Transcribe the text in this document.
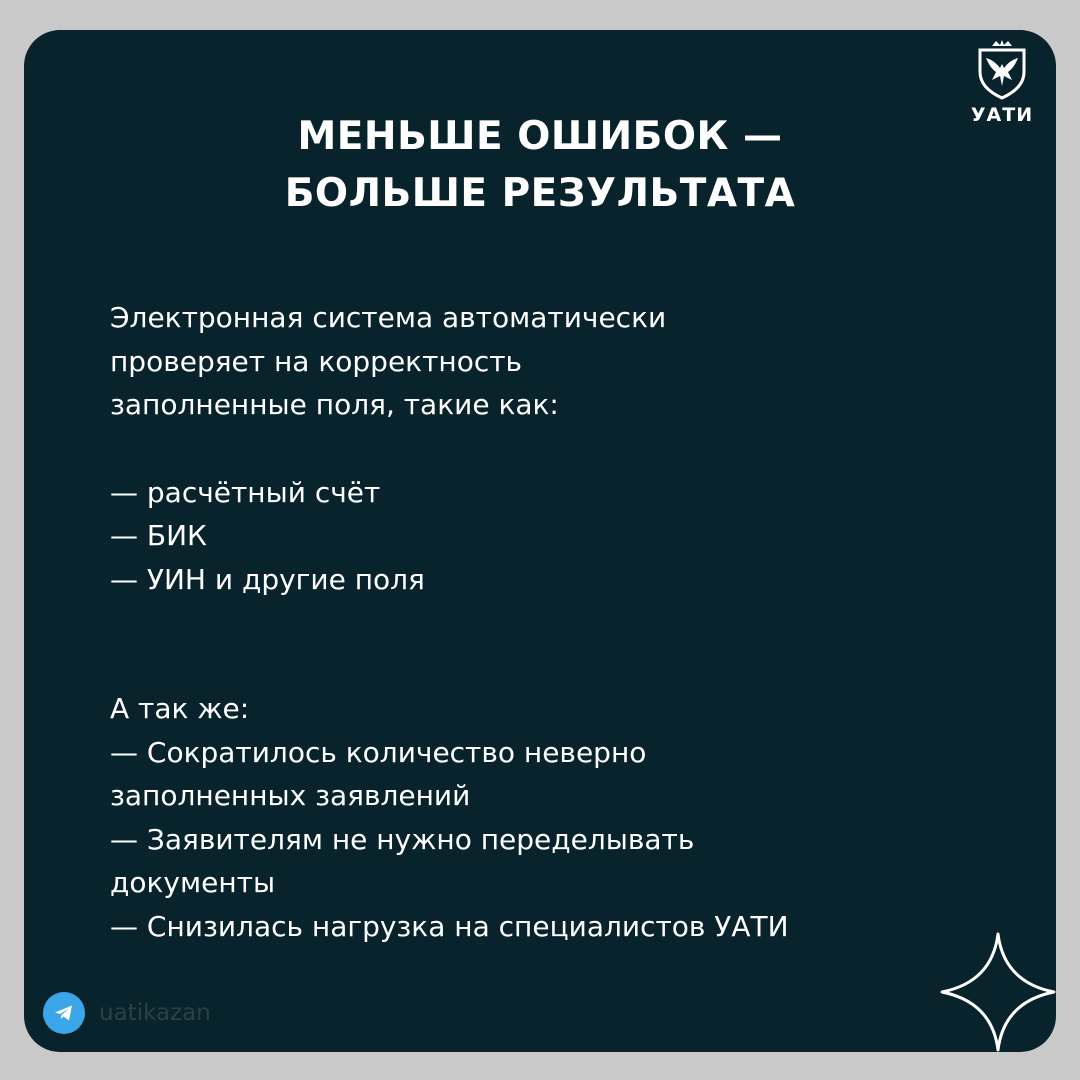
УАТИ
МЕНЬШЕ ОШИБОК —
БОЛЬШЕ РЕЗУЛЬТАТА
Электронная система автоматически
проверяет на корректность
заполненные поля, такие как:
— расчётный счёт
— БИК
— УИН и другие поля
А так же:
— Сократилось количество неверно
заполненных заявлений
— Заявителям не нужно переделывать
документы
— Снизилась нагрузка на специалистов УАТИ
uatikazan
